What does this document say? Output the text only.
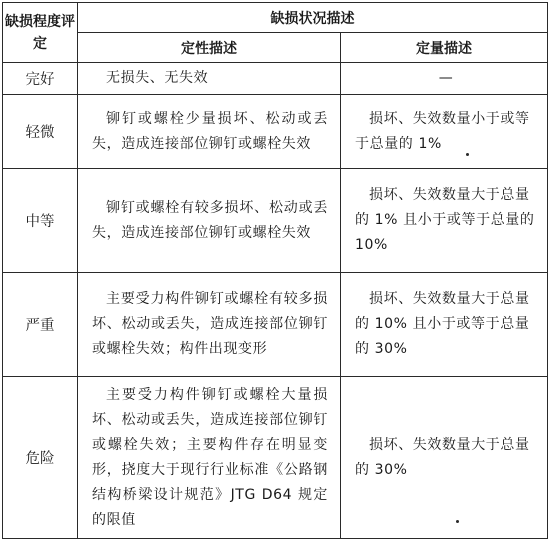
缺损程度评定	缺损状况描述	
	定性描述	定量描述
完好	无损失、无失效	—
轻微	铆钉或螺栓少量损坏、松动或丢失，造成连接部位铆钉或螺栓失效	损坏、失效数量小于或等于总量的 1%

中等	铆钉或螺栓有较多损坏、松动或丢失，造成连接部位铆钉或螺栓失效	损坏、失效数量大于总量的 1% 且小于或等于总量的 10%

严重	主要受力构件铆钉或螺栓有较多损坏、松动或丢失，造成连接部位铆钉或螺栓失效；构件出现变形	损坏、失效数量大于总量的 10% 且小于或等于总量的 30%

危险	主要受力构件铆钉或螺栓大量损坏、松动或丢失，造成连接部位铆钉或螺栓失效；主要构件存在明显变形，挠度大于现行行业标准《公路钢结构桥梁设计规范》JTG D64 规定的限值	损坏、失效数量大于总量的 30%
